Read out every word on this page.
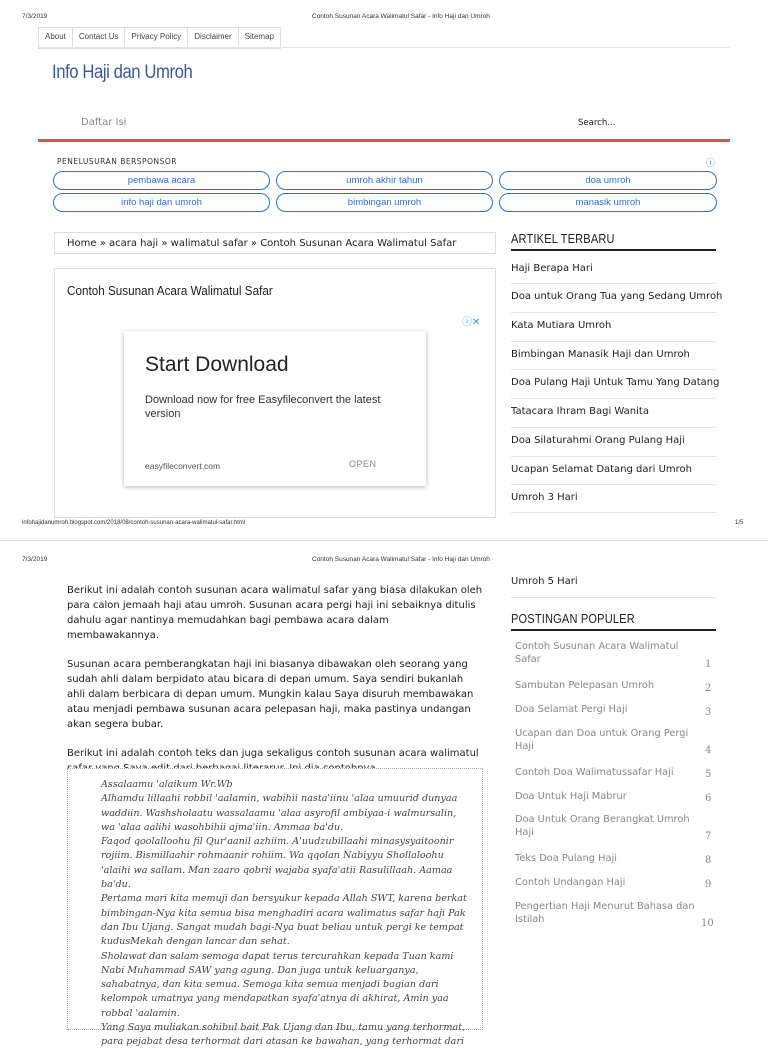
7/3/2019	Contoh Susunan Acara Walimatul Safar - Info Haji dan Umroh
About	Contact Us	Privacy Policy	Disclaimer	Sitemap
Info Haji dan Umroh
Daftar Isi	Search...
PENELUSURAN BERSPONSOR	ⓘ
pembawa acara	umroh akhir tahun	doa umroh
info haji dan umroh	bimbingan umroh	manasik umroh
Home » acara haji » walimatul safar » Contoh Susunan Acara Walimatul Safar
Contoh Susunan Acara Walimatul Safar
ⓘ✕
Start Download
Download now for free Easyfileconvert the latest version
easyfileconvert.com	OPEN
ARTIKEL TERBARU
Haji Berapa Hari
Doa untuk Orang Tua yang Sedang Umroh
Kata Mutiara Umroh
Bimbingan Manasik Haji dan Umroh
Doa Pulang Haji Untuk Tamu Yang Datang
Tatacara Ihram Bagi Wanita
Doa Silaturahmi Orang Pulang Haji
Ucapan Selamat Datang dari Umroh
Umroh 3 Hari
infohajidanumroh.blogspot.com/2018/08/contoh-susunan-acara-walimatul-safar.html	1/5
7/3/2019	Contoh Susunan Acara Walimatul Safar - Info Haji dan Umroh

Berikut ini adalah contoh susunan acara walimatul safar yang biasa dilakukan oleh para calon jemaah haji atau umroh. Susunan acara pergi haji ini sebaiknya ditulis dahulu agar nantinya memudahkan bagi pembawa acara dalam membawakannya.

Susunan acara pemberangkatan haji ini biasanya dibawakan oleh seorang yang sudah ahli dalam berpidato atau bicara di depan umum. Saya sendiri bukanlah ahli dalam berbicara di depan umum. Mungkin kalau Saya disuruh membawakan atau menjadi pembawa susunan acara pelepasan haji, maka pastinya undangan akan segera bubar.

Berikut ini adalah contoh teks dan juga sekaligus contoh susunan acara walimatul

Assalaamu 'alaikum Wr.Wb
Alhamdu lillaahi robbil 'aalamin, wabihii nasta'iinu 'alaa umuurid dunyaa waddiin. Washsholaatu wassalaamu 'alaa asyrofil ambiyaa-i walmursalin, wa 'alaa aalihi wasohbihii ajma'iin. Ammaa ba'du.
Faqod qoolalloohu fil Qur'aanil azhiim. A'uudzubillaahi minasysyaitoonir rojiim. Bismillaahir rohmaanir rohiim. Wa qqolan Nabiyyu Shollaloohu 'alaihi wa sallam. Man zaaro qobrii wajaba syafa'atii Rasulillaah. Aamaa ba'du.
Pertama mari kita memuji dan bersyukur kepada Allah SWT, karena berkat bimbingan-Nya kita semua bisa menghadiri acara walimatus safar haji Pak dan Ibu Ujang. Sangat mudah bagi-Nya buat beliau untuk pergi ke tempat kudusMekah dengan lancar dan sehat.
Sholawat dan salam semoga dapat terus tercurahkan kepada Tuan kami Nabi Muhammad SAW yang agung. Dan juga untuk keluarganya, sahabatnya, dan kita semua. Semoga kita semua menjadi bagian dari kelompok umatnya yang mendapatkan syafa'atnya di akhirat, Amin yaa robbal 'aalamin.
Yang Saya muliakan sohibul bait Pak Ujang dan Ibu, tamu yang terhormat, para pejabat desa terhormat dari atasan ke bawahan, yang terhormat dari
Umroh 5 Hari
POSTINGAN POPULER
Contoh Susunan Acara Walimatul Safar	1
Sambutan Pelepasan Umroh	2
Doa Selamat Pergi Haji	3
Ucapan dan Doa untuk Orang Pergi Haji	4
Contoh Doa Walimatussafar Haji	5
Doa Untuk Haji Mabrur	6
Doa Untuk Orang Berangkat Umroh Haji	7
Teks Doa Pulang Haji	8
Contoh Undangan Haji	9
Pengertian Haji Menurut Bahasa dan Istilah	10
